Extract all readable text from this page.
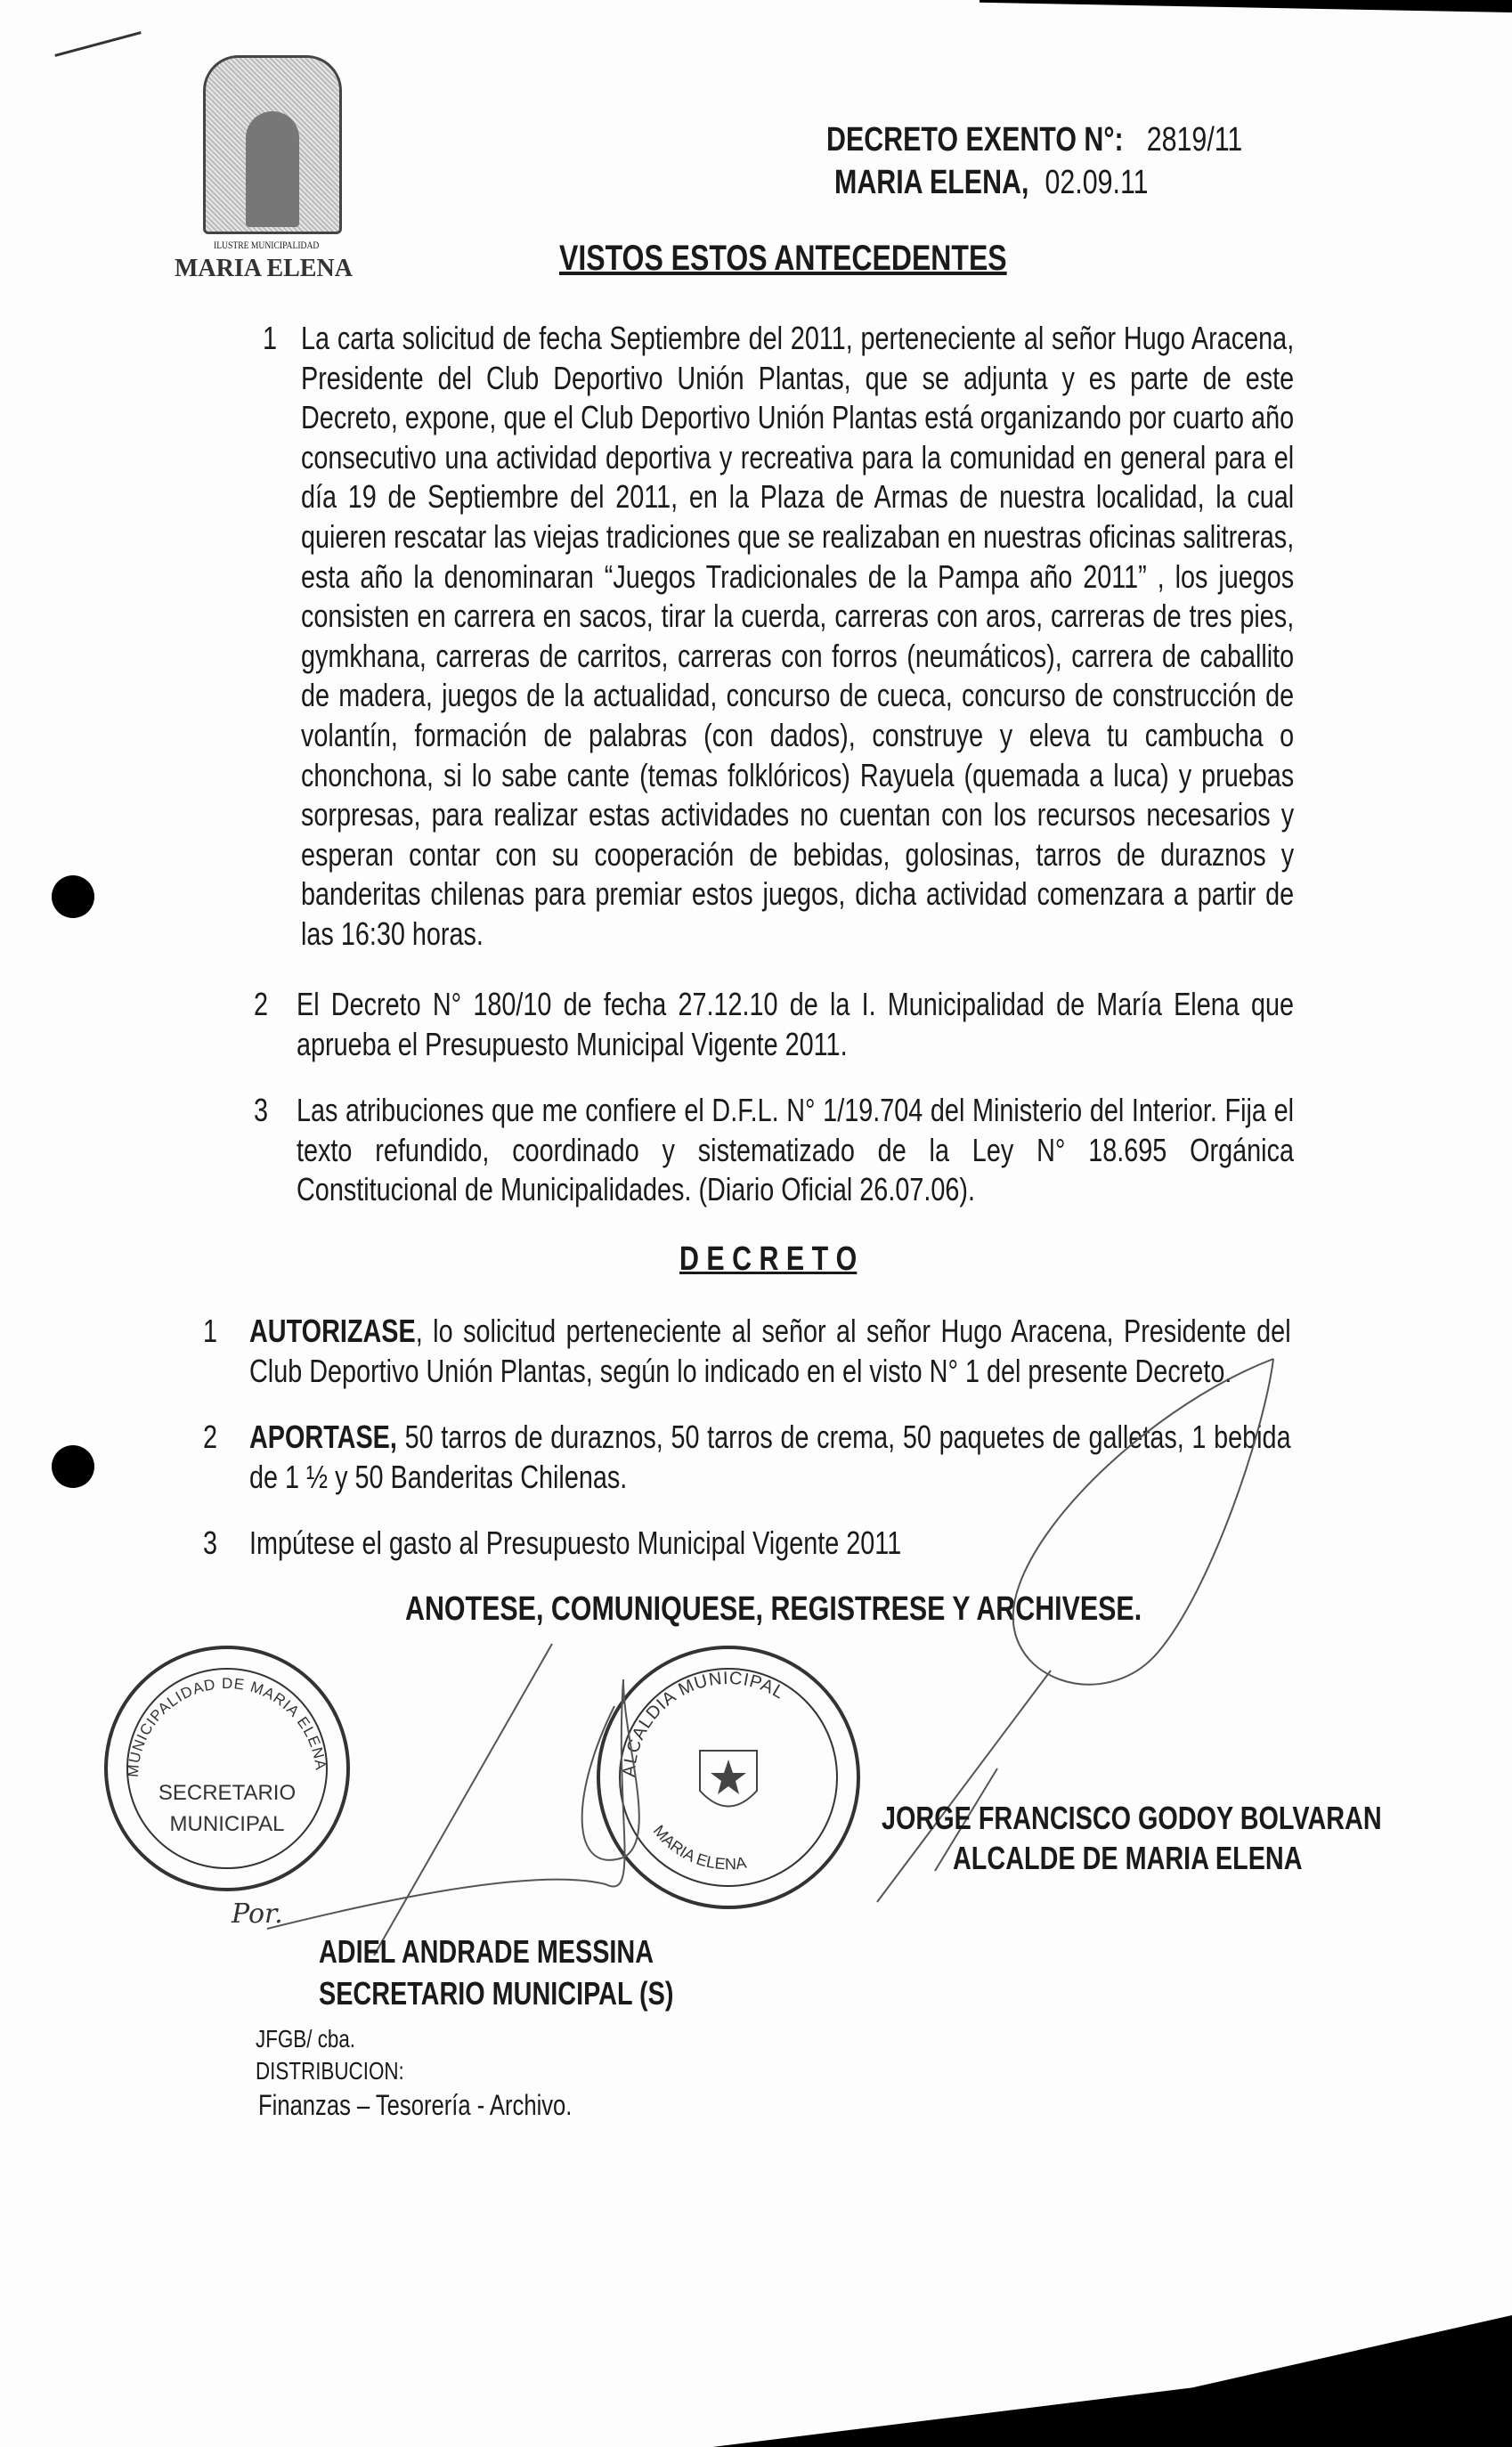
ILUSTRE MUNICIPALIDAD
MARIA ELENA
DECRETO EXENTO N°: 2819/11
MARIA ELENA, 02.09.11
VISTOS ESTOS ANTECEDENTES
1 La carta solicitud de fecha Septiembre del 2011, perteneciente al señor Hugo Aracena, Presidente del Club Deportivo Unión Plantas, que se adjunta y es parte de este Decreto, expone, que el Club Deportivo Unión Plantas está organizando por cuarto año consecutivo una actividad deportiva y recreativa para la comunidad en general para el día 19 de Septiembre del 2011, en la Plaza de Armas de nuestra localidad, la cual quieren rescatar las viejas tradiciones que se realizaban en nuestras oficinas salitreras, esta año la denominaran “Juegos Tradicionales de la Pampa año 2011” , los juegos consisten en carrera en sacos, tirar la cuerda, carreras con aros, carreras de tres pies, gymkhana, carreras de carritos, carreras con forros (neumáticos), carrera de caballito de madera, juegos de la actualidad, concurso de cueca, concurso de construcción de volantín, formación de palabras (con dados), construye y eleva tu cambucha o chonchona, si lo sabe cante (temas folklóricos) Rayuela (quemada a luca) y pruebas sorpresas, para realizar estas actividades no cuentan con los recursos necesarios y esperan contar con su cooperación de bebidas, golosinas, tarros de duraznos y banderitas chilenas para premiar estos juegos, dicha actividad comenzara a partir de las 16:30 horas.
2 El Decreto N° 180/10 de fecha 27.12.10 de la I. Municipalidad de María Elena que aprueba el Presupuesto Municipal Vigente 2011.
3 Las atribuciones que me confiere el D.F.L. N° 1/19.704 del Ministerio del Interior. Fija el texto refundido, coordinado y sistematizado de la Ley N° 18.695 Orgánica Constitucional de Municipalidades. (Diario Oficial 26.07.06).
D E C R E T O
1 AUTORIZASE, lo solicitud perteneciente al señor al señor Hugo Aracena, Presidente del Club Deportivo Unión Plantas, según lo indicado en el visto N° 1 del presente Decreto.
2 APORTASE, 50 tarros de duraznos, 50 tarros de crema, 50 paquetes de galletas, 1 bebida de 1 ½ y 50 Banderitas Chilenas.
3 Impútese el gasto al Presupuesto Municipal Vigente 2011
ANOTESE, COMUNIQUESE, REGISTRESE Y ARCHIVESE.
MUNICIPALIDAD DE MARIA ELENA
SECRETARIO
MUNICIPAL
ALCALDIA MUNICIPAL
MARIA ELENA
JORGE FRANCISCO GODOY BOLVARAN
ALCALDE DE MARIA ELENA
Por.
ADIEL ANDRADE MESSINA
SECRETARIO MUNICIPAL (S)
JFGB/ cba.
DISTRIBUCION:
Finanzas – Tesorería - Archivo.
